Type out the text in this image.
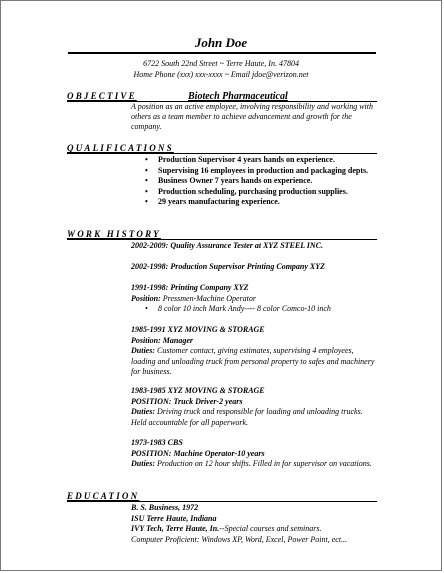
John Doe
6722 South 22nd Street ~ Terre Haute, In. 47804
Home Phone (xxx) xxx-xxxx ~ Email jdoe@verizon.net
OBJECTIVE	Biotech Pharmaceutical
A position as an active employee, involving responsibility and working with others as a team member to achieve advancement and growth for the company.
QUALIFICATIONS
• Production Supervisor 4 years hands on experience.
• Supervising 16 employees in production and packaging depts.
• Business Owner 7 years hands on experience.
• Production scheduling, purchasing production supplies.
• 29 years manufacturing experience.
WORK HISTORY
2002-2009: Quality Assurance Tester at XYZ STEEL INC.
2002-1998: Production Supervisor Printing Company XYZ
1991-1998: Printing Company XYZ
Position: Pressmen-Machine Operator
• 8 color 10 inch Mark Andy---- 8 color Comco-10 inch
1985-1991 XYZ MOVING & STORAGE
Position: Manager
Duties: Customer contact, giving estimates, supervising 4 employees, loading and unloading truck from personal property to safes and machinery for business.
1983-1985 XYZ MOVING & STORAGE
POSITION: Truck Driver-2 years
Duties: Driving truck and responsible for loading and unloading trucks. Held accountable for all paperwork.
1973-1983 CBS
POSITION: Machine Operator-10 years
Duties: Production on 12 hour shifts. Filled in for supervisor on vacations.
EDUCATION
B. S. Business, 1972
ISU Terre Haute, Indiana
IVY Tech, Terre Haute, In.--Special courses and seminars.
Computer Proficient: Windows XP, Word, Excel, Power Point, ect...
